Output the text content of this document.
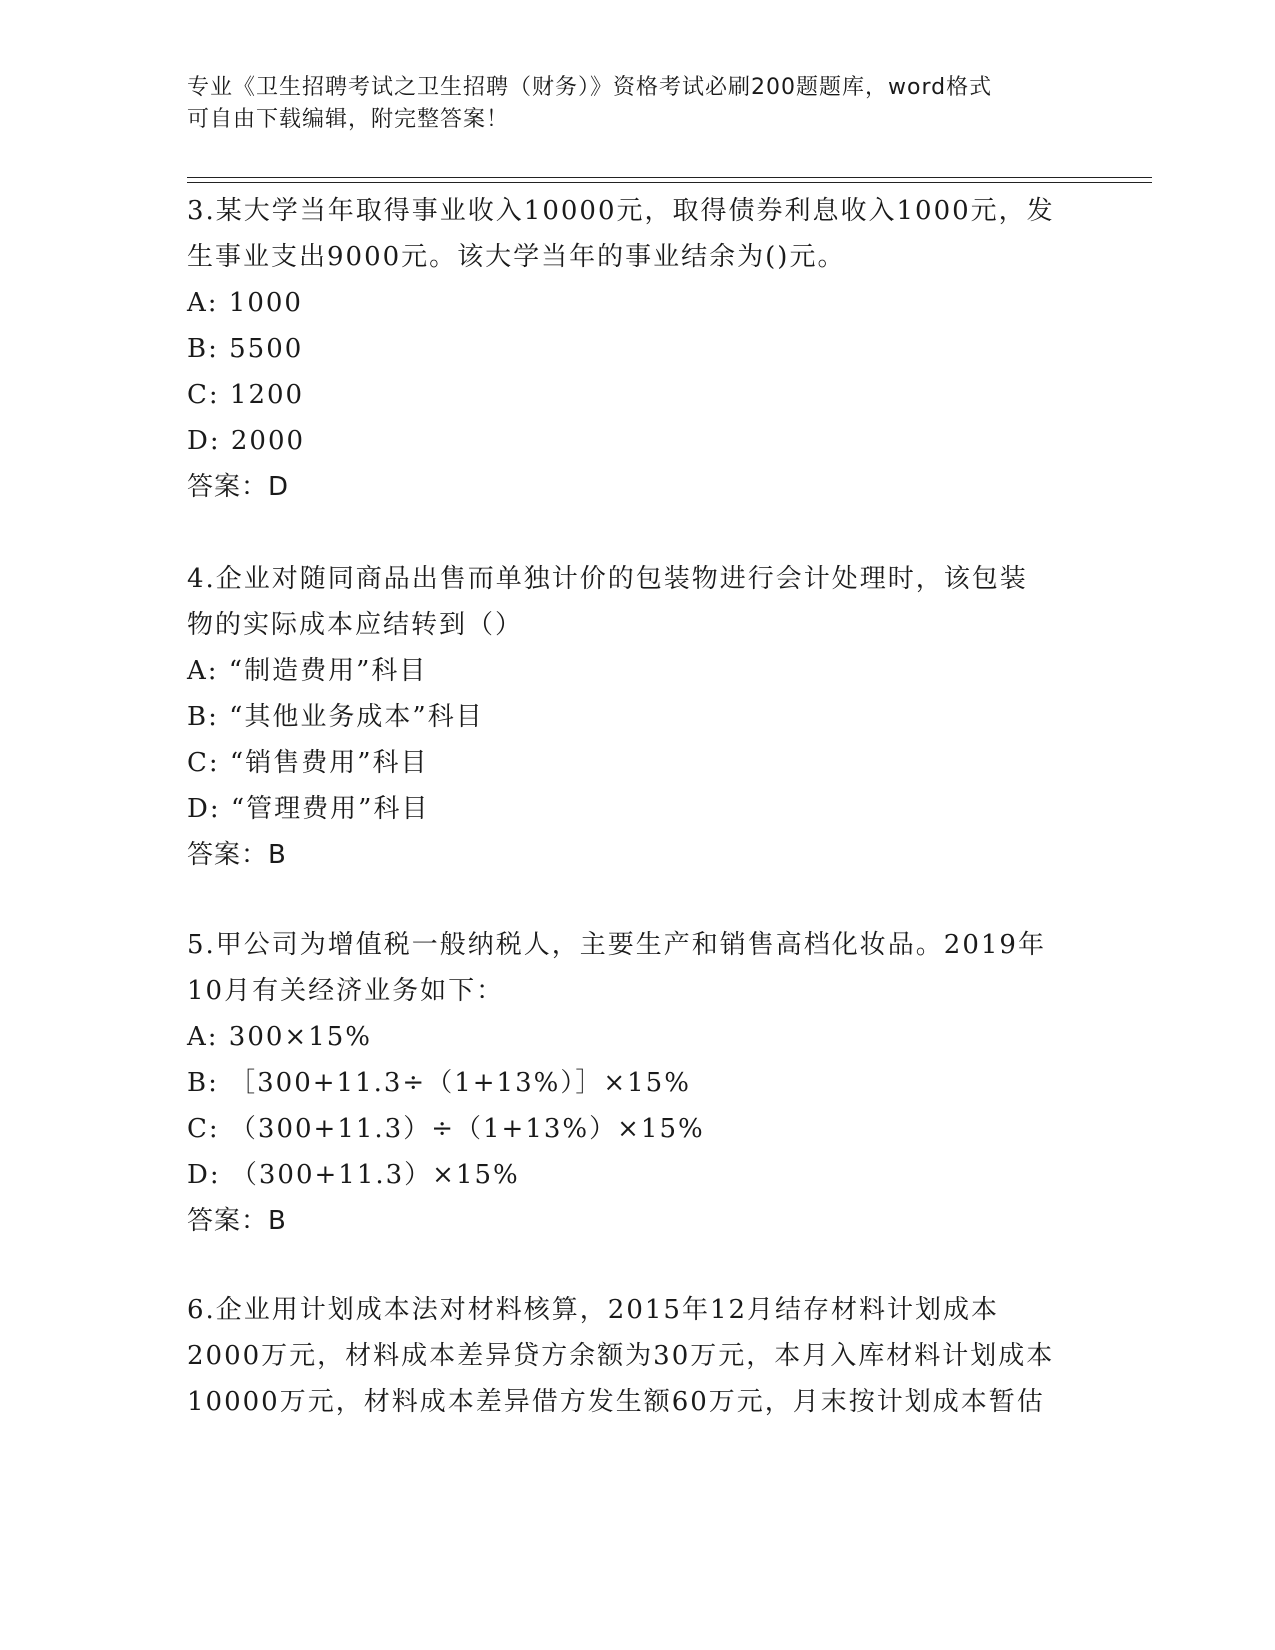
专业《卫生招聘考试之卫生招聘（财务）》资格考试必刷200题题库，word格式
可自由下载编辑，附完整答案！

3.某大学当年取得事业收入10000元，取得债券利息收入1000元，发

生事业支出9000元。该大学当年的事业结余为()元。

A: 1000

B: 5500

C: 1200

D: 2000

答案：D

4.企业对随同商品出售而单独计价的包装物进行会计处理时，该包装

物的实际成本应结转到（）

A: “制造费用”科目

B: “其他业务成本”科目

C: “销售费用”科目

D: “管理费用”科目

答案：B

5.甲公司为增值税一般纳税人，主要生产和销售高档化妆品。2019年

10月有关经济业务如下：

A: 300×15%

B: ［300+11.3÷（1+13%）］×15%

C: （300+11.3）÷（1+13%）×15%

D: （300+11.3）×15%

答案：B

6.企业用计划成本法对材料核算，2015年12月结存材料计划成本

2000万元，材料成本差异贷方余额为30万元，本月入库材料计划成本

10000万元，材料成本差异借方发生额60万元，月末按计划成本暂估
